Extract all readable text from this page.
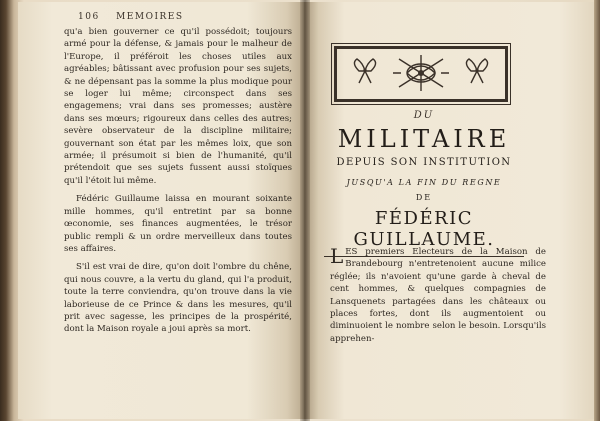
106 MEMOIRES

qu'a bien gouverner ce qu'il possédoit; toujours armé pour la défense, & jamais pour le malheur de l'Europe, il préféroit les choses utiles aux agréables; bâtissant avec profusion pour ses sujets, & ne dépensant pas la somme la plus modique pour se loger lui même; circonspect dans ses engagemens; vrai dans ses promesses; austère dans ses mœurs; rigoureux dans celles des autres; sevère observateur de la discipline militaire; gouvernant son état par les mêmes loix, que son armée; il présumoit si bien de l'humanité, qu'il prétendoit que ses sujets fussent aussi stoïques qu'il l'étoit lui même.

Fédéric Guillaume laissa en mourant soixante mille hommes, qu'il entretint par sa bonne œconomie, ses finances augmentées, le trésor public rempli & un ordre merveilleux dans toutes ses affaires.

S'il est vrai de dire, qu'on doit l'ombre du chêne, qui nous couvre, a la vertu du gland, qui l'a produit, toute la terre conviendra, qu'on trouve dans la vie laborieuse de ce Prince & dans les mesures, qu'il prit avec sagesse, les principes de la prospérité, dont la Maison royale a joui après sa mort.

DU
MILITAIRE
DEPUIS SON INSTITUTION
JUSQU'A LA FIN DU REGNE
DE
FÉDÉRIC GUILLAUME.
LES premiers Electeurs de la Maison de Brandebourg n'entretenoient aucune milice réglée; ils n'avoient qu'une garde à cheval de cent hommes, & quelques compagnies de Lansquenets partagées dans les châteaux ou places fortes, dont ils augmentoient ou diminuoient le nombre selon le besoin. Lorsqu'ils apprehen-
